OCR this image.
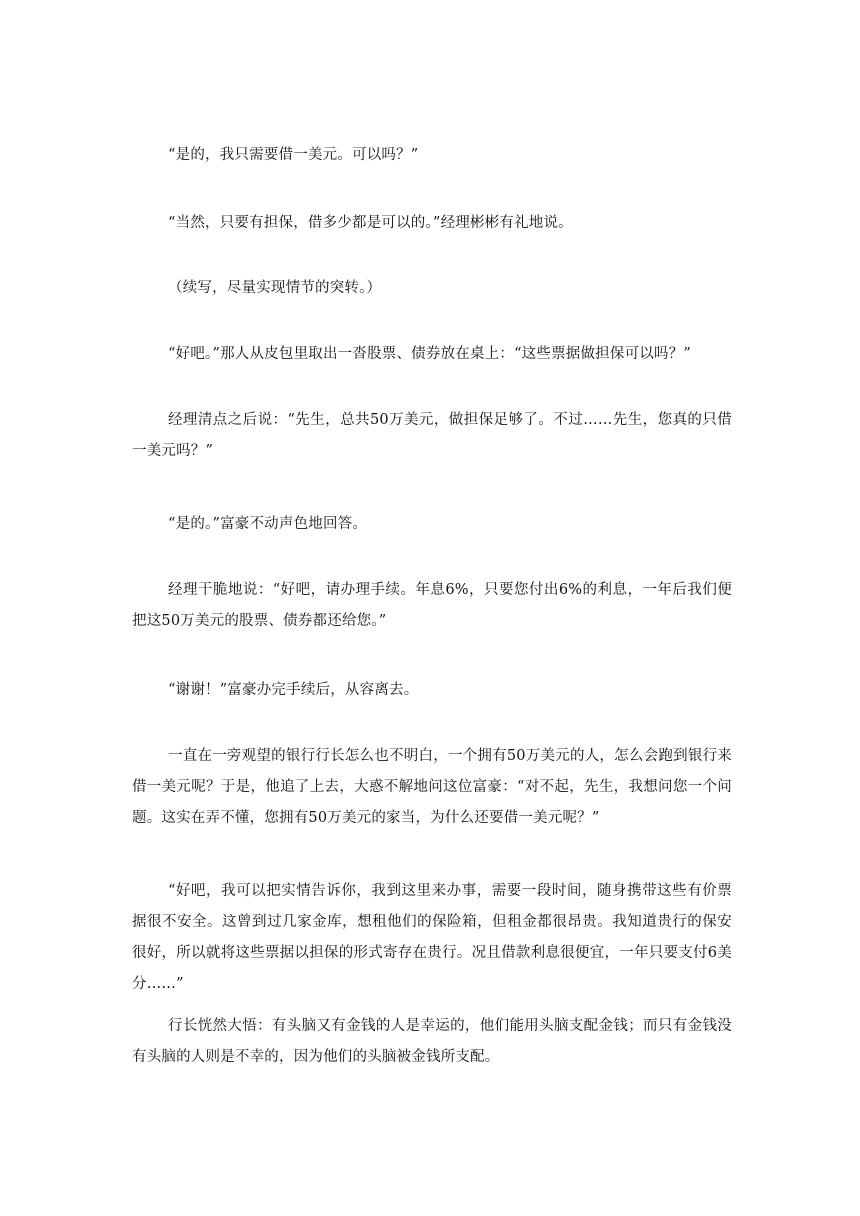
“是的，我只需要借一美元。可以吗？”

“当然，只要有担保，借多少都是可以的。”经理彬彬有礼地说。

（续写，尽量实现情节的突转。）

“好吧。”那人从皮包里取出一沓股票、债券放在桌上：“这些票据做担保可以吗？”

经理清点之后说：“先生，总共50万美元，做担保足够了。不过……先生，您真的只借一美元吗？”

“是的。”富豪不动声色地回答。

经理干脆地说：“好吧，请办理手续。年息6%，只要您付出6%的利息，一年后我们便把这50万美元的股票、债券都还给您。”

“谢谢！”富豪办完手续后，从容离去。

一直在一旁观望的银行行长怎么也不明白，一个拥有50万美元的人，怎么会跑到银行来借一美元呢？于是，他追了上去，大惑不解地问这位富豪：“对不起，先生，我想问您一个问题。这实在弄不懂，您拥有50万美元的家当，为什么还要借一美元呢？”

“好吧，我可以把实情告诉你，我到这里来办事，需要一段时间，随身携带这些有价票据很不安全。这曾到过几家金库，想租他们的保险箱，但租金都很昂贵。我知道贵行的保安很好，所以就将这些票据以担保的形式寄存在贵行。况且借款利息很便宜，一年只要支付6美分……”

行长恍然大悟：有头脑又有金钱的人是幸运的，他们能用头脑支配金钱；而只有金钱没有头脑的人则是不幸的，因为他们的头脑被金钱所支配。
